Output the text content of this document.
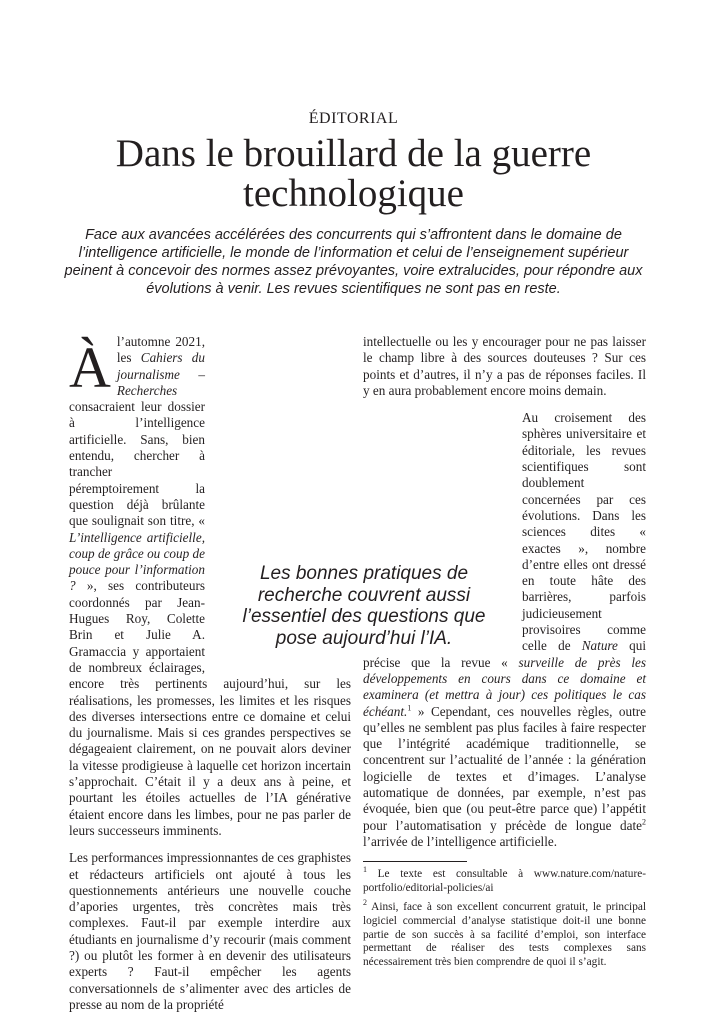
ÉDITORIAL
Dans le brouillard de la guerre technologique

Face aux avancées accélérées des concurrents qui s’affrontent dans le domaine de l’intelligence artificielle, le monde de l’information et celui de l’enseignement supérieur peinent à concevoir des normes assez prévoyantes, voire extralucides, pour répondre aux évolutions à venir. Les revues scientifiques ne sont pas en reste.

À l’automne 2021, les Cahiers du journalisme – Recherches consacraient leur dossier à l’intelligence artificielle. Sans, bien entendu, chercher à trancher péremptoirement la question déjà brûlante que soulignait son titre, « L’intelligence artificielle, coup de grâce ou coup de pouce pour l’information ? », ses contributeurs coordonnés par Jean-Hugues Roy, Colette Brin et Julie A. Gramaccia y apportaient de nombreux éclairages, encore très pertinents aujourd’hui, sur les réalisations, les promesses, les limites et les risques des diverses intersections entre ce domaine et celui du journalisme. Mais si ces grandes perspectives se dégageaient clairement, on ne pouvait alors deviner la vitesse prodigieuse à laquelle cet horizon incertain s’approchait. C’était il y a deux ans à peine, et pourtant les étoiles actuelles de l’IA générative étaient encore dans les limbes, pour ne pas parler de leurs successeurs imminents.

Les performances impressionnantes de ces graphistes et rédacteurs artificiels ont ajouté à tous les questionnements antérieurs une nouvelle couche d’apories urgentes, très concrètes mais très complexes. Faut-il par exemple interdire aux étudiants en journalisme d’y recourir (mais comment ?) ou plutôt les former à en devenir des utilisateurs experts ? Faut-il empêcher les agents conversationnels de s’alimenter avec des articles de presse au nom de la propriété

Les bonnes pratiques de recherche couvrent aussi l’essentiel des questions que pose aujourd’hui l’IA.

intellectuelle ou les y encourager pour ne pas laisser le champ libre à des sources douteuses ? Sur ces points et d’autres, il n’y a pas de réponses faciles. Il y en aura probablement encore moins demain.

Au croisement des sphères universitaire et éditoriale, les revues scientifiques sont doublement concernées par ces évolutions. Dans les sciences dites « exactes », nombre d’entre elles ont dressé en toute hâte des barrières, parfois judicieusement provisoires comme celle de Nature qui précise que la revue « surveille de près les développements en cours dans ce domaine et examinera (et mettra à jour) ces politiques le cas échéant.$^1$ » Cependant, ces nouvelles règles, outre qu’elles ne semblent pas plus faciles à faire respecter que l’intégrité académique traditionnelle, se concentrent sur l’actualité de l’année : la génération logicielle de textes et d’images. L’analyse automatique de données, par exemple, n’est pas évoquée, bien que (ou peut-être parce que) l’appétit pour l’automatisation y précède de longue date$^2$ l’arrivée de l’intelligence artificielle.

$^1$ Le texte est consultable à www.nature.com/nature-portfolio/editorial-policies/ai

$^2$ Ainsi, face à son excellent concurrent gratuit, le principal logiciel commercial d’analyse statistique doit-il une bonne partie de son succès à sa facilité d’emploi, son interface permettant de réaliser des tests complexes sans nécessairement très bien comprendre de quoi il s’agit.
